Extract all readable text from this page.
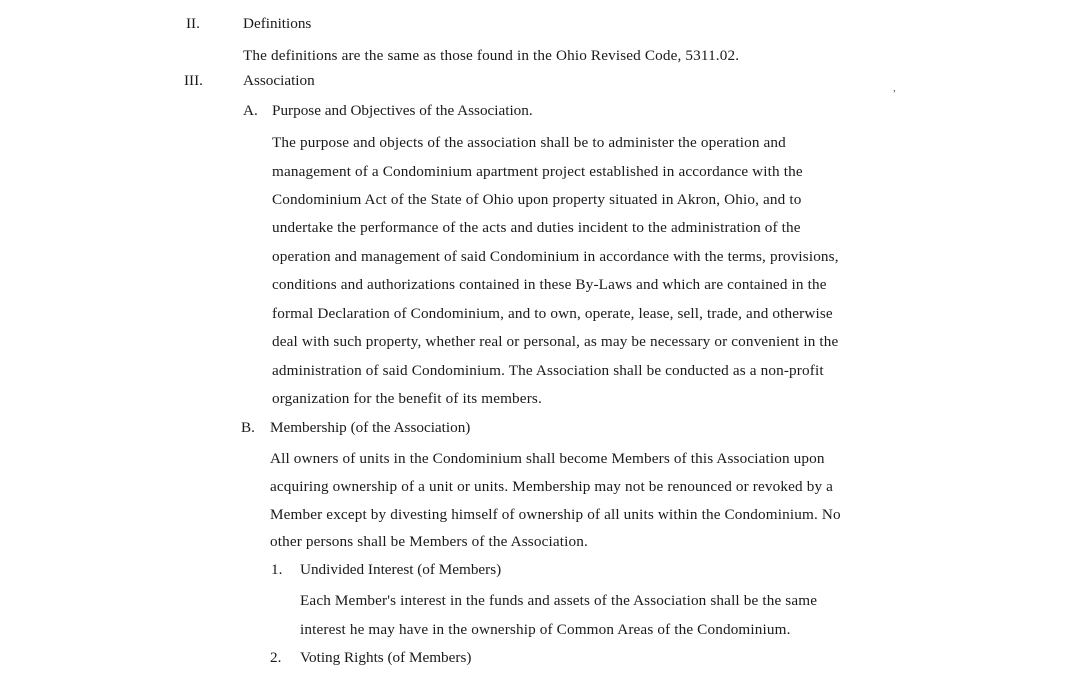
II.	Definitions
The definitions are the same as those found in the Ohio Revised Code, 5311.02.
III.	Association	,
A. Purpose and Objectives of the Association.
The purpose and objects of the association shall be to administer the operation and
management of a Condominium apartment project established in accordance with the
Condominium Act of the State of Ohio upon property situated in Akron, Ohio, and to
undertake the performance of the acts and duties incident to the administration of the
operation and management of said Condominium in accordance with the terms, provisions,
conditions and authorizations contained in these By-Laws and which are contained in the
formal Declaration of Condominium, and to own, operate, lease, sell, trade, and otherwise
deal with such property, whether real or personal, as may be necessary or convenient in the
administration of said Condominium. The Association shall be conducted as a non-profit
organization for the benefit of its members.
B. Membership (of the Association)
All owners of units in the Condominium shall become Members of this Association upon
acquiring ownership of a unit or units. Membership may not be renounced or revoked by a
Member except by divesting himself of ownership of all units within the Condominium. No
other persons shall be Members of the Association.
1. Undivided Interest (of Members)
Each Member's interest in the funds and assets of the Association shall be the same
interest he may have in the ownership of Common Areas of the Condominium.
2. Voting Rights (of Members)
